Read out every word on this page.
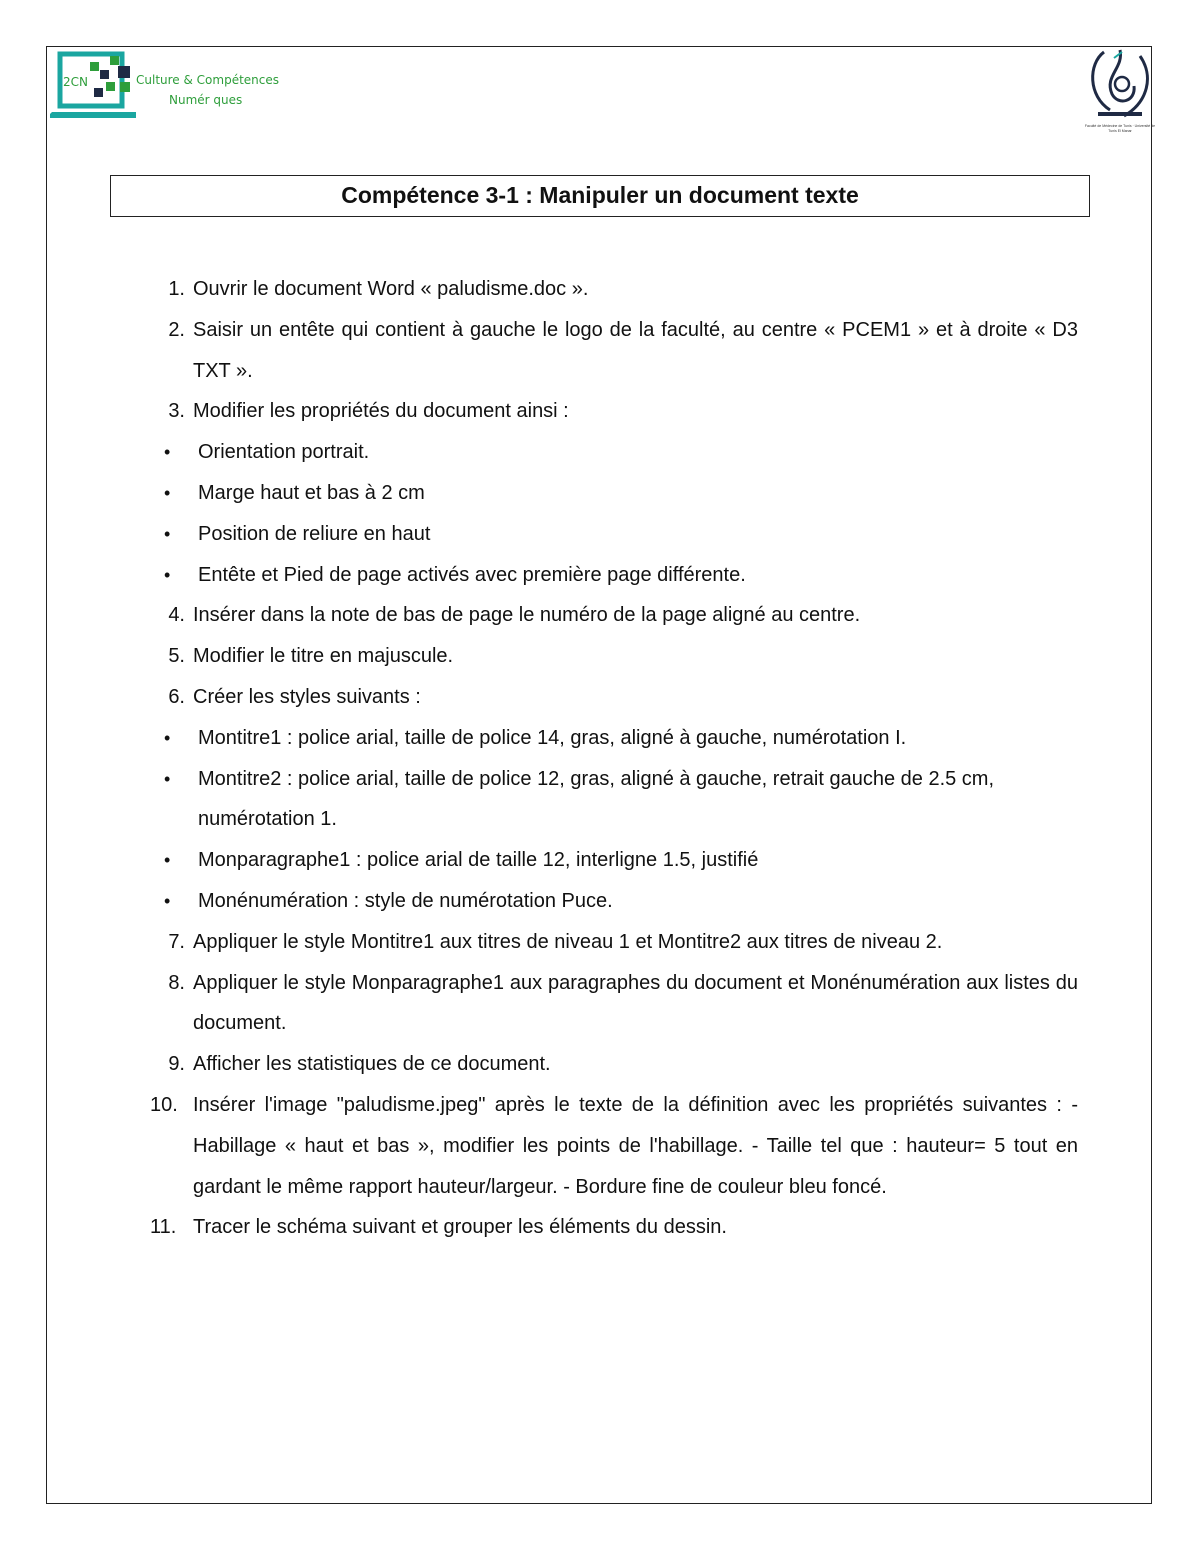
2CN	Culture & Compétences
Numér ques
Faculté de Médecine de Tunis · Université de Tunis El Manar
Compétence 3-1 : Manipuler un document texte
1. Ouvrir le document Word « paludisme.doc ».
2. Saisir un entête qui contient à gauche le logo de la faculté, au centre « PCEM1 » et à droite « D3 TXT ».
3. Modifier les propriétés du document ainsi :
• Orientation portrait.
• Marge haut et bas à 2 cm
• Position de reliure en haut
• Entête et Pied de page activés avec première page différente.
4. Insérer dans la note de bas de page le numéro de la page aligné au centre.
5. Modifier le titre en majuscule.
6. Créer les styles suivants :
• Montitre1 : police arial, taille de police 14, gras, aligné à gauche, numérotation I.
• Montitre2 : police arial, taille de police 12, gras, aligné à gauche, retrait gauche de 2.5 cm, numérotation 1.
• Monparagraphe1 : police arial de taille 12, interligne 1.5, justifié
• Monénumération : style de numérotation Puce.
7. Appliquer le style Montitre1 aux titres de niveau 1 et Montitre2 aux titres de niveau 2.
8. Appliquer le style Monparagraphe1 aux paragraphes du document et Monénumération aux listes du document.
9. Afficher les statistiques de ce document.
10. Insérer l'image "paludisme.jpeg" après le texte de la définition avec les propriétés suivantes : - Habillage « haut et bas », modifier les points de l'habillage. - Taille tel que : hauteur= 5 tout en gardant le même rapport hauteur/largeur. - Bordure fine de couleur bleu foncé.
11. Tracer le schéma suivant et grouper les éléments du dessin.
